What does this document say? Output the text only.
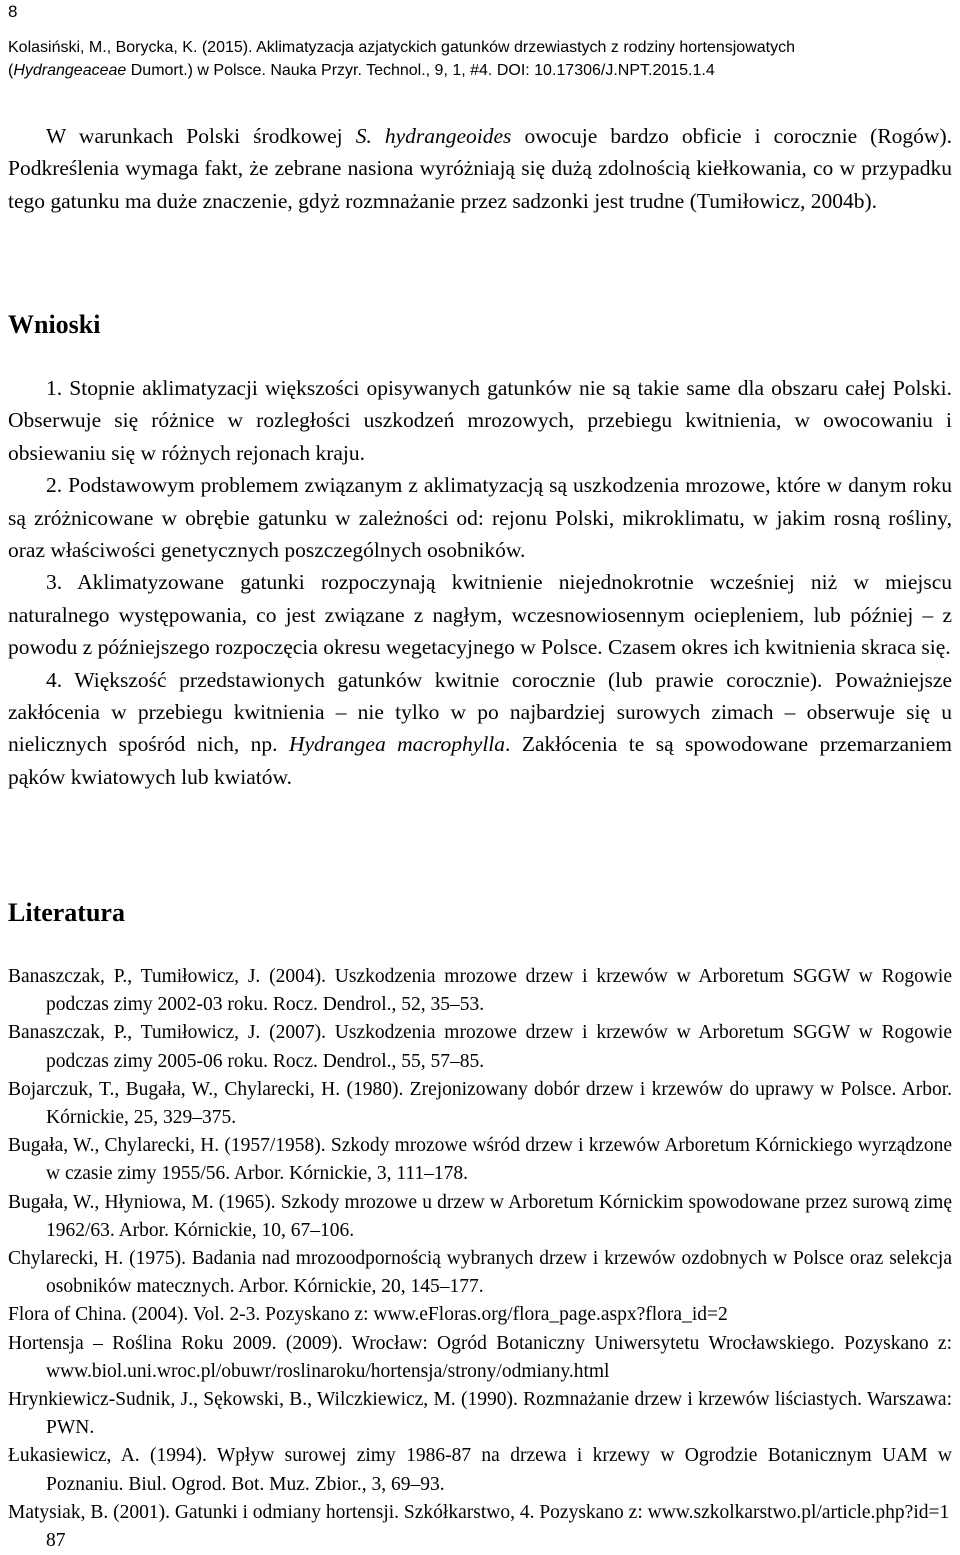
8
Kolasiński, M., Borycka, K. (2015). Aklimatyzacja azjatyckich gatunków drzewiastych z rodziny hortensjowatych
(Hydrangeaceae Dumort.) w Polsce. Nauka Przyr. Technol., 9, 1, #4. DOI: 10.17306/J.NPT.2015.1.4

W warunkach Polski środkowej S. hydrangeoides owocuje bardzo obficie i corocznie (Rogów). Podkreślenia wymaga fakt, że zebrane nasiona wyróżniają się dużą zdolnością kiełkowania, co w przypadku tego gatunku ma duże znaczenie, gdyż rozmnażanie przez sadzonki jest trudne (Tumiłowicz, 2004b).

Wnioski

1. Stopnie aklimatyzacji większości opisywanych gatunków nie są takie same dla obszaru całej Polski. Obserwuje się różnice w rozległości uszkodzeń mrozowych, przebiegu kwitnienia, w owocowaniu i obsiewaniu się w różnych rejonach kraju.

2. Podstawowym problemem związanym z aklimatyzacją są uszkodzenia mrozowe, które w danym roku są zróżnicowane w obrębie gatunku w zależności od: rejonu Polski, mikroklimatu, w jakim rosną rośliny, oraz właściwości genetycznych poszczególnych osobników.

3. Aklimatyzowane gatunki rozpoczynają kwitnienie niejednokrotnie wcześniej niż w miejscu naturalnego występowania, co jest związane z nagłym, wczesnowiosennym ociepleniem, lub później – z powodu z późniejszego rozpoczęcia okresu wegetacyjnego w Polsce. Czasem okres ich kwitnienia skraca się.

4. Większość przedstawionych gatunków kwitnie corocznie (lub prawie corocznie). Poważniejsze zakłócenia w przebiegu kwitnienia – nie tylko w po najbardziej surowych zimach – obserwuje się u nielicznych spośród nich, np. Hydrangea macrophylla. Zakłócenia te są spowodowane przemarzaniem pąków kwiatowych lub kwiatów.

Literatura

Banaszczak, P., Tumiłowicz, J. (2004). Uszkodzenia mrozowe drzew i krzewów w Arboretum SGGW w Rogowie podczas zimy 2002-03 roku. Rocz. Dendrol., 52, 35–53.

Banaszczak, P., Tumiłowicz, J. (2007). Uszkodzenia mrozowe drzew i krzewów w Arboretum SGGW w Rogowie podczas zimy 2005-06 roku. Rocz. Dendrol., 55, 57–85.

Bojarczuk, T., Bugała, W., Chylarecki, H. (1980). Zrejonizowany dobór drzew i krzewów do uprawy w Polsce. Arbor. Kórnickie, 25, 329–375.

Bugała, W., Chylarecki, H. (1957/1958). Szkody mrozowe wśród drzew i krzewów Arboretum Kórnickiego wyrządzone w czasie zimy 1955/56. Arbor. Kórnickie, 3, 111–178.

Bugała, W., Hłyniowa, M. (1965). Szkody mrozowe u drzew w Arboretum Kórnickim spowodowane przez surową zimę 1962/63. Arbor. Kórnickie, 10, 67–106.

Chylarecki, H. (1975). Badania nad mrozoodpornością wybranych drzew i krzewów ozdobnych w Polsce oraz selekcja osobników matecznych. Arbor. Kórnickie, 20, 145–177.

Flora of China. (2004). Vol. 2-3. Pozyskano z: www.eFloras.org/flora_page.aspx?flora_id=2

Hortensja – Roślina Roku 2009. (2009). Wrocław: Ogród Botaniczny Uniwersytetu Wrocławskiego. Pozyskano z: www.biol.uni.wroc.pl/obuwr/roslinaroku/hortensja/strony/odmiany.html

Hrynkiewicz-Sudnik, J., Sękowski, B., Wilczkiewicz, M. (1990). Rozmnażanie drzew i krzewów liściastych. Warszawa: PWN.

Łukasiewicz, A. (1994). Wpływ surowej zimy 1986-87 na drzewa i krzewy w Ogrodzie Botanicznym UAM w Poznaniu. Biul. Ogrod. Bot. Muz. Zbior., 3, 69–93.

Matysiak, B. (2001). Gatunki i odmiany hortensji. Szkółkarstwo, 4. Pozyskano z: www.szkolkarstwo.pl/article.php?id=187
